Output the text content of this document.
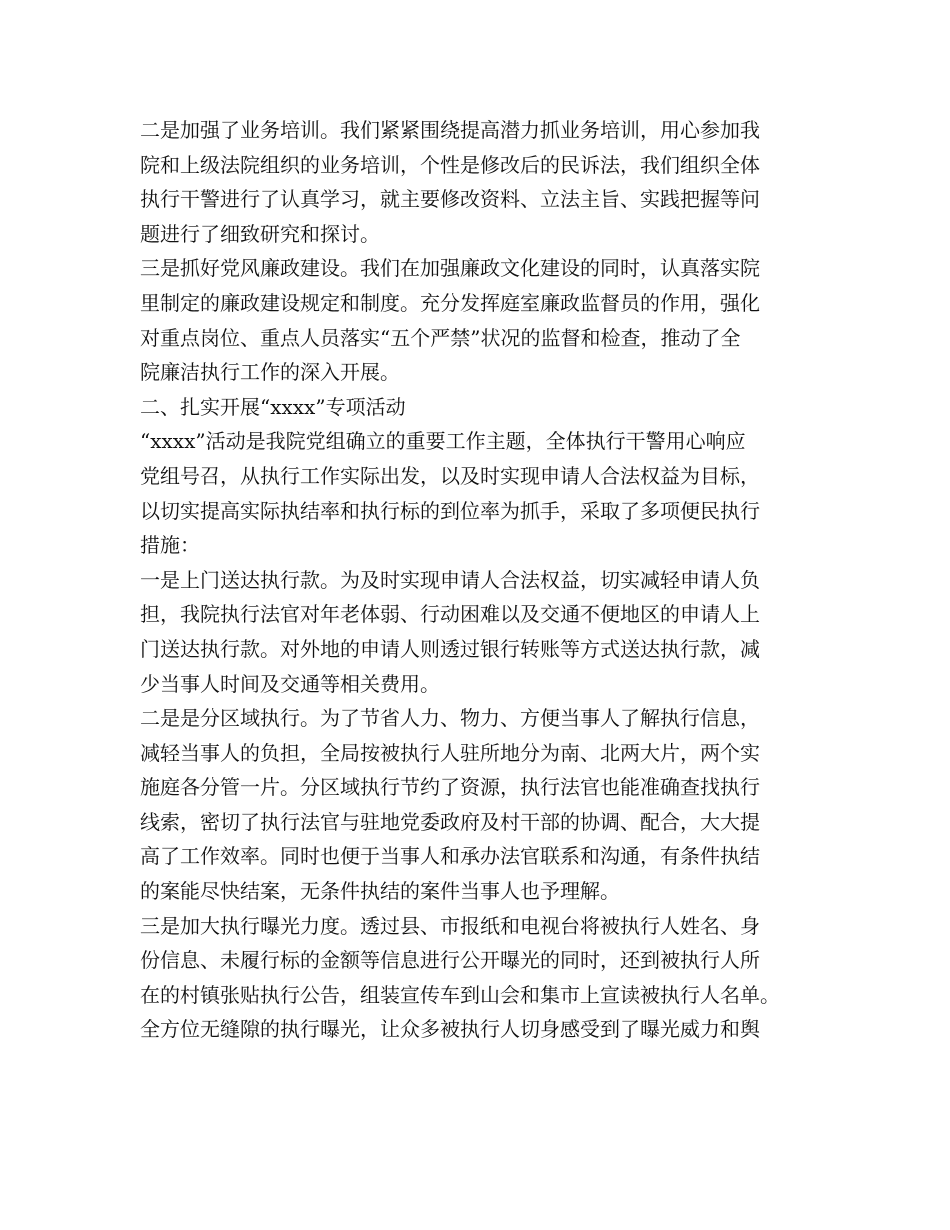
二是加强了业务培训。我们紧紧围绕提高潜力抓业务培训，用心参加我
院和上级法院组织的业务培训，个性是修改后的民诉法，我们组织全体
执行干警进行了认真学习，就主要修改资料、立法主旨、实践把握等问
题进行了细致研究和探讨。
三是抓好党风廉政建设。我们在加强廉政文化建设的同时，认真落实院
里制定的廉政建设规定和制度。充分发挥庭室廉政监督员的作用，强化
对重点岗位、重点人员落实“五个严禁”状况的监督和检查，推动了全
院廉洁执行工作的深入开展。
二、扎实开展“xxxx”专项活动
“xxxx”活动是我院党组确立的重要工作主题，全体执行干警用心响应
党组号召，从执行工作实际出发，以及时实现申请人合法权益为目标，
以切实提高实际执结率和执行标的到位率为抓手，采取了多项便民执行
措施：
一是上门送达执行款。为及时实现申请人合法权益，切实减轻申请人负
担，我院执行法官对年老体弱、行动困难以及交通不便地区的申请人上
门送达执行款。对外地的申请人则透过银行转账等方式送达执行款，减
少当事人时间及交通等相关费用。
二是是分区域执行。为了节省人力、物力、方便当事人了解执行信息，
减轻当事人的负担，全局按被执行人驻所地分为南、北两大片，两个实
施庭各分管一片。分区域执行节约了资源，执行法官也能准确查找执行
线索，密切了执行法官与驻地党委政府及村干部的协调、配合，大大提
高了工作效率。同时也便于当事人和承办法官联系和沟通，有条件执结
的案能尽快结案，无条件执结的案件当事人也予理解。
三是加大执行曝光力度。透过县、市报纸和电视台将被执行人姓名、身
份信息、未履行标的金额等信息进行公开曝光的同时，还到被执行人所
在的村镇张贴执行公告，组装宣传车到山会和集市上宣读被执行人名单。
全方位无缝隙的执行曝光，让众多被执行人切身感受到了曝光威力和舆
